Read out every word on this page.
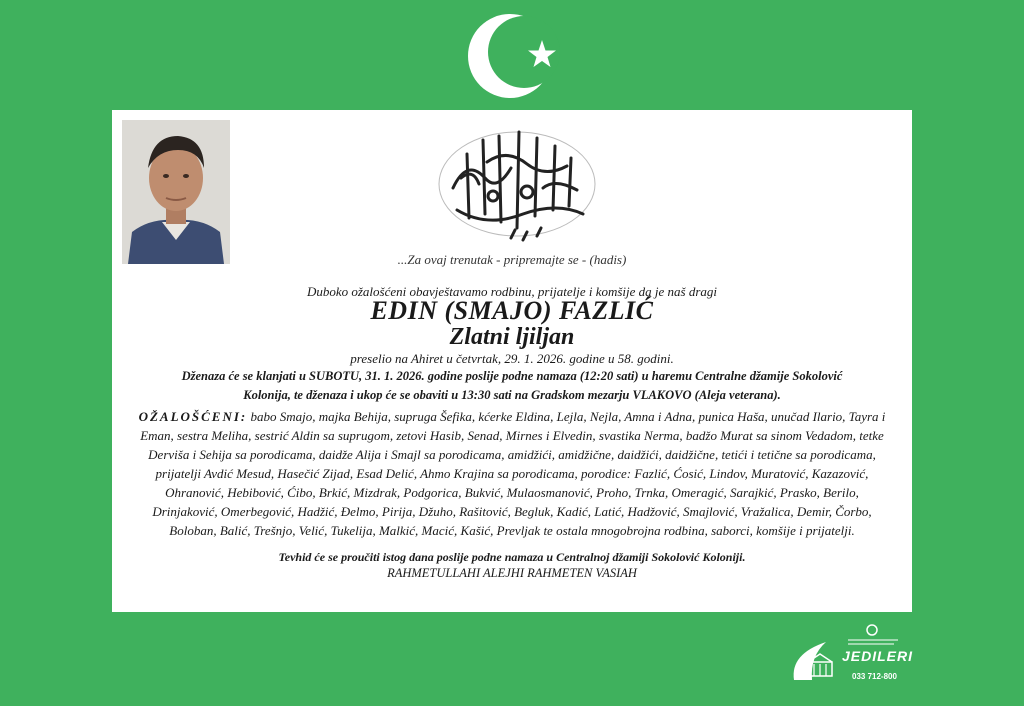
...Za ovaj trenutak - pripremajte se - (hadis)
Duboko ožalošćeni obavještavamo rodbinu, prijatelje i komšije da je naš dragi
EDIN (SMAJO) FAZLIĆ
Zlatni ljiljan
preselio na Ahiret u četvrtak, 29. 1. 2026. godine u 58. godini.
Dženaza će se klanjati u SUBOTU, 31. 1. 2026. godine poslije podne namaza (12:20 sati) u haremu Centralne džamije Sokolović
Kolonija, te dženaza i ukop će se obaviti u 13:30 sati na Gradskom mezarju VLAKOVO (Aleja veterana).
OŽALOŠĆENI: babo Smajo, majka Behija, supruga Šefika, kćerke Eldina, Lejla, Nejla, Amna i Adna, punica Haša, unučad Ilario, Tayra i Eman, sestra Meliha, sestrić Aldin sa suprugom, zetovi Hasib, Senad, Mirnes i Elvedin, svastika Nerma, badžo Murat sa sinom Vedadom, tetke Derviša i Sehija sa porodicama, daidže Alija i Smajl sa porodicama, amidžići, amidžične, daidžići, daidžične, tetići i tetične sa porodicama, prijatelji Avdić Mesud, Hasečić Zijad, Esad Delić, Ahmo Krajina sa porodicama, porodice: Fazlić, Ćosić, Lindov, Muratović, Kazazović, Ohranović, Hebibović, Ćibo, Brkić, Mizdrak, Podgorica, Bukvić, Mulaosmanović, Proho, Trnka, Omeragić, Sarajkić, Prasko, Berilo, Drinjaković, Omerbegović, Hadžić, Đelmo, Pirija, Džuho, Rašitović, Begluk, Kadić, Latić, Hadžović, Smajlović, Vražalica, Demir, Čorbo, Boloban, Balić, Trešnjo, Velić, Tukelija, Malkić, Macić, Kašić, Prevljak te ostala mnogobrojna rodbina, saborci, komšije i prijatelji.
Tevhid će se proučiti istog dana poslije podne namaza u Centralnoj džamiji Sokolović Koloniji.
RAHMETULLAHI ALEJHI RAHMETEN VASIAH
JEDILERI
033 712-800
